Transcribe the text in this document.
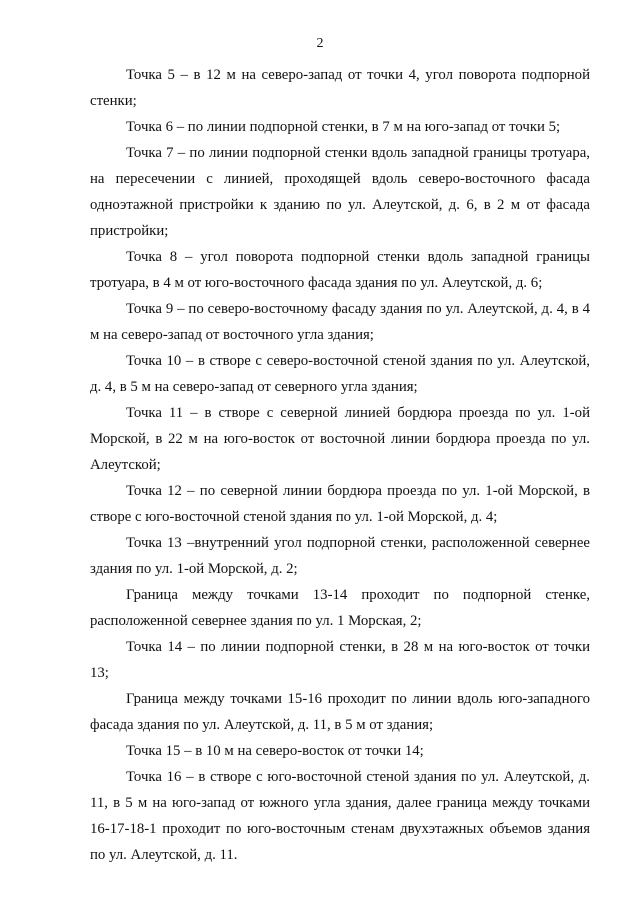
2

Точка 5 – в 12 м на северо-запад от точки 4, угол поворота подпорной стенки;

Точка 6 – по линии подпорной стенки, в 7 м на юго-запад от точки 5;

Точка 7 – по линии подпорной стенки вдоль западной границы тротуара, на пересечении с линией, проходящей вдоль северо-восточного фасада одноэтажной пристройки к зданию по ул. Алеутской, д. 6, в 2 м от фасада пристройки;

Точка 8 – угол поворота подпорной стенки вдоль западной границы тротуара, в 4 м от юго-восточного фасада здания по ул. Алеутской, д. 6;

Точка 9 – по северо-восточному фасаду здания по ул. Алеутской, д. 4, в 4 м на северо-запад от восточного угла здания;

Точка 10 – в створе с северо-восточной стеной здания по ул. Алеутской, д. 4, в 5 м на северо-запад от северного угла здания;

Точка 11 – в створе с северной линией бордюра проезда по ул. 1-ой Морской, в 22 м на юго-восток от восточной линии бордюра проезда по ул. Алеутской;

Точка 12 – по северной линии бордюра проезда по ул. 1-ой Морской, в створе с юго-восточной стеной здания по ул. 1-ой Морской, д. 4;

Точка 13 –внутренний угол подпорной стенки, расположенной севернее здания по ул. 1-ой Морской, д. 2;

Граница между точками 13-14 проходит по подпорной стенке, расположенной севернее здания по ул. 1 Морская, 2;

Точка 14 – по линии подпорной стенки, в 28 м на юго-восток от точки 13;

Граница между точками 15-16 проходит по линии вдоль юго-западного фасада здания по ул. Алеутской, д. 11, в 5 м от здания;

Точка 15 – в 10 м на северо-восток от точки 14;

Точка 16 – в створе с юго-восточной стеной здания по ул. Алеутской, д. 11, в 5 м на юго-запад от южного угла здания, далее граница между точками 16-17-18-1 проходит по юго-восточным стенам двухэтажных объемов здания по ул. Алеутской, д. 11.
